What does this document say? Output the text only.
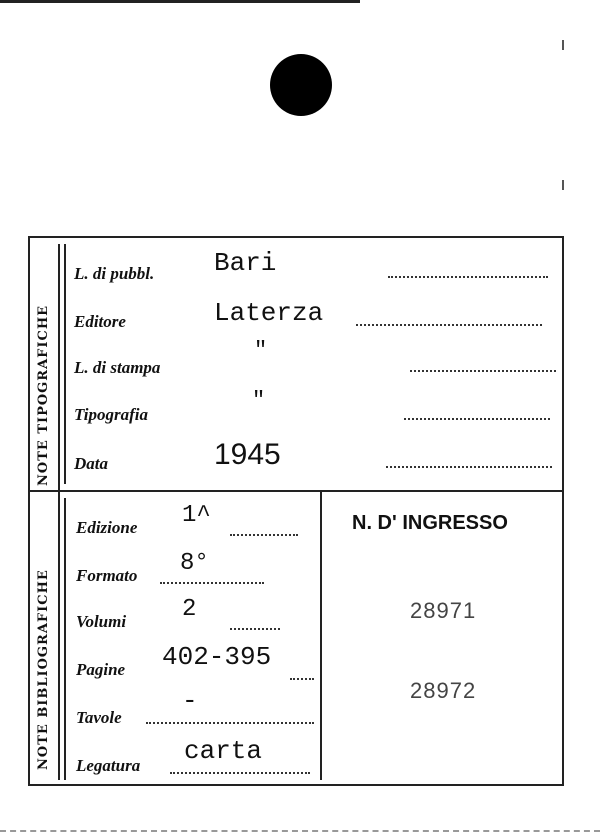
NOTE TIPOGRAFICHE
NOTE BIBLIOGRAFICHE
L. di pubbl. Bari
Editore	Laterza
L. di stampa
"
Tipografia
"
Data	1945
Edizione 1^
Formato 8°
Volumi 2
Pagine 402-395
Tavole
-
Legatura carta
N. D' INGRESSO
28971
28972
